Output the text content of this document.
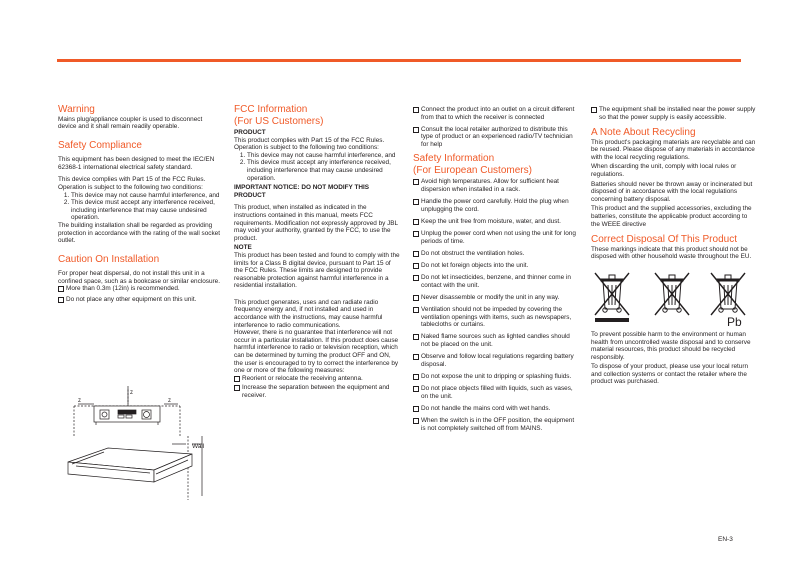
Warning

Mains plug/appliance coupler is used to disconnect device and it shall remain readily operable.

Safety Compliance

This equipment has been designed to meet the IEC/EN 62368-1 international electrical safety standard.

This device complies with Part 15 of the FCC Rules. Operation is subject to the following two conditions:

1. This device may not cause harmful interference, and
2. This device must accept any interference received, including interference that may cause undesired operation.

The building installation shall be regarded as providing protection in accordance with the rating of the wall socket outlet.

Caution On Installation

For proper heat dispersal, do not install this unit in a confined space, such as a bookcase or similar enclosure.

More than 0.3m (12in) is recommended.
Do not place any other equipment on this unit.
z
z	z
Wall
FCC Information
(For US Customers)

PRODUCT

This product complies with Part 15 of the FCC Rules. Operation is subject to the following two conditions:

1. This device may not cause harmful interference, and
2. This device must accept any interference received, including interference that may cause undesired operation.

IMPORTANT NOTICE: DO NOT MODIFY THIS PRODUCT

This product, when installed as indicated in the instructions contained in this manual, meets FCC requirements. Modification not expressly approved by JBL may void your authority, granted by the FCC, to use the product.

NOTE

This product has been tested and found to comply with the limits for a Class B digital device, pursuant to Part 15 of the FCC Rules. These limits are designed to provide reasonable protection against harmful interference in a residential installation.

This product generates, uses and can radiate radio frequency energy and, if not installed and used in accordance with the instructions, may cause harmful interference to radio communications.

However, there is no guarantee that interference will not occur in a particular installation. If this product does cause harmful interference to radio or television reception, which can be determined by turning the product OFF and ON, the user is encouraged to try to correct the interference by one or more of the following measures:

Reorient or relocate the receiving antenna.
Increase the separation between the equipment and receiver.
Connect the product into an outlet on a circuit different from that to which the receiver is connected
Consult the local retailer authorized to distribute this type of product or an experienced radio/TV technician for help
Safety Information
(For European Customers)
Avoid high temperatures. Allow for sufficient heat dispersion when installed in a rack.
Handle the power cord carefully. Hold the plug when unplugging the cord.
Keep the unit free from moisture, water, and dust.
Unplug the power cord when not using the unit for long periods of time.
Do not obstruct the ventilation holes.
Do not let foreign objects into the unit.
Do not let insecticides, benzene, and thinner come in contact with the unit.
Never disassemble or modify the unit in any way.
Ventilation should not be impeded by covering the ventilation openings with items, such as newspapers, tablecloths or curtains.
Naked flame sources such as lighted candles should not be placed on the unit.
Observe and follow local regulations regarding battery disposal.
Do not expose the unit to dripping or splashing fluids.
Do not place objects filled with liquids, such as vases, on the unit.
Do not handle the mains cord with wet hands.
When the switch is in the OFF position, the equipment is not completely switched off from MAINS.
The equipment shall be installed near the power supply so that the power supply is easily accessible.
A Note About Recycling

This product's packaging materials are recyclable and can be reused. Please dispose of any materials in accordance with the local recycling regulations.

When discarding the unit, comply with local rules or regulations.

Batteries should never be thrown away or incinerated but disposed of in accordance with the local regulations concerning battery disposal.

This product and the supplied accessories, excluding the batteries, constitute the applicable product according to the WEEE directive

Correct Disposal Of This Product

These markings indicate that this product should not be disposed with other household waste throughout the EU.

Pb

To prevent possible harm to the environment or human health from uncontrolled waste disposal and to conserve material resources, this product should be recycled responsibly.

To dispose of your product, please use your local return and collection systems or contact the retailer where the product was purchased.

EN-3
